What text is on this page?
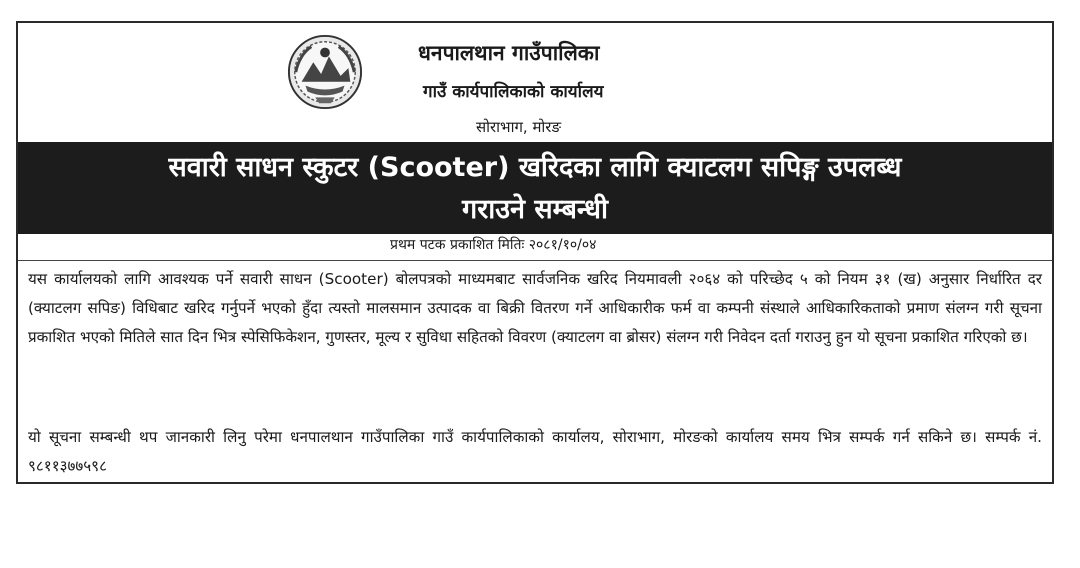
धनपालथान गाउँपालिका
गाउँ कार्यपालिकाको कार्यालय
सोराभाग, मोरङ
सवारी साधन स्कुटर (Scooter) खरिदका लागि क्याटलग सपिङ्ग उपलब्ध
गराउने सम्बन्धी
प्रथम पटक प्रकाशित मितिः २०८१/१०/०४
यस कार्यालयको लागि आवश्यक पर्ने सवारी साधन (Scooter) बोलपत्रको माध्यमबाट सार्वजनिक खरिद नियमावली २०६४ को परिच्छेद ५ को नियम ३१ (ख) अनुसार निर्धारित दर (क्याटलग सपिङ) विधिबाट खरिद गर्नुपर्ने भएको हुँदा त्यस्तो मालसमान उत्पादक वा बिक्री वितरण गर्ने आधिकारीक फर्म वा कम्पनी संस्थाले आधिकारिकताको प्रमाण संलग्न गरी सूचना प्रकाशित भएको मितिले सात दिन भित्र स्पेसिफिकेशन, गुणस्तर, मूल्य र सुविधा सहितको विवरण (क्याटलग वा ब्रोसर) संलग्न गरी निवेदन दर्ता गराउनु हुन यो सूचना प्रकाशित गरिएको छ।
यो सूचना सम्बन्धी थप जानकारी लिनु परेमा धनपालथान गाउँपालिका गाउँ कार्यपालिकाको कार्यालय, सोराभाग, मोरङको कार्यालय समय भित्र सम्पर्क गर्न सकिने छ। सम्पर्क नं. ९८११३७७५९८
